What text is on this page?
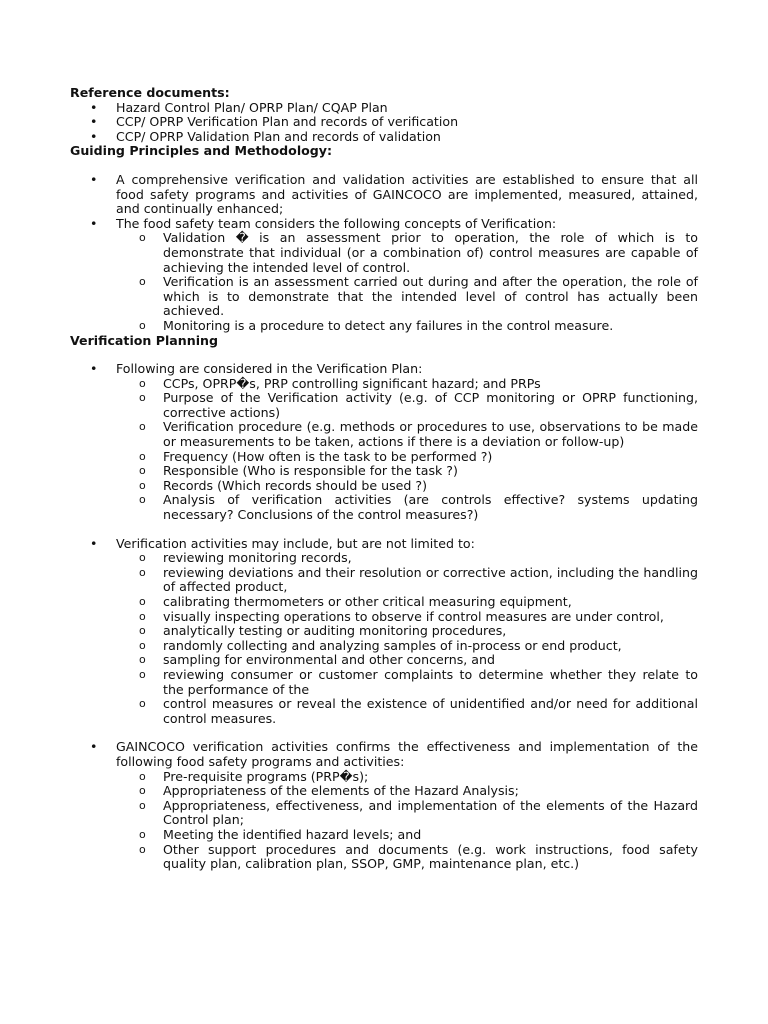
Reference documents:
• Hazard Control Plan/ OPRP Plan/ CQAP Plan
• CCP/ OPRP Verification Plan and records of verification
• CCP/ OPRP Validation Plan and records of validation
Guiding Principles and Methodology:
• A comprehensive verification and validation activities are established to ensure that all food safety programs and activities of GAINCOCO are implemented, measured, attained, and continually enhanced;
• The food safety team considers the following concepts of Verification:
o Validation � is an assessment prior to operation, the role of which is to demonstrate that individual (or a combination of) control measures are capable of achieving the intended level of control.
o Verification is an assessment carried out during and after the operation, the role of which is to demonstrate that the intended level of control has actually been achieved.
o Monitoring is a procedure to detect any failures in the control measure.
Verification Planning
• Following are considered in the Verification Plan:
o CCPs, OPRP�s, PRP controlling significant hazard; and PRPs
o Purpose of the Verification activity (e.g. of CCP monitoring or OPRP functioning, corrective actions)
o Verification procedure (e.g. methods or procedures to use, observations to be made or measurements to be taken, actions if there is a deviation or follow-up)
o Frequency (How often is the task to be performed ?)
o Responsible (Who is responsible for the task ?)
o Records (Which records should be used ?)
o Analysis of verification activities (are controls effective? systems updating necessary? Conclusions of the control measures?)
• Verification activities may include, but are not limited to:
o reviewing monitoring records,
o reviewing deviations and their resolution or corrective action, including the handling of affected product,
o calibrating thermometers or other critical measuring equipment,
o visually inspecting operations to observe if control measures are under control,
o analytically testing or auditing monitoring procedures,
o randomly collecting and analyzing samples of in-process or end product,
o sampling for environmental and other concerns, and
o reviewing consumer or customer complaints to determine whether they relate to the performance of the
o control measures or reveal the existence of unidentified and/or need for additional control measures.
• GAINCOCO verification activities confirms the effectiveness and implementation of the following food safety programs and activities:
o Pre-requisite programs (PRP�s);
o Appropriateness of the elements of the Hazard Analysis;
o Appropriateness, effectiveness, and implementation of the elements of the Hazard Control plan;
o Meeting the identified hazard levels; and
o Other support procedures and documents (e.g. work instructions, food safety quality plan, calibration plan, SSOP, GMP, maintenance plan, etc.)
